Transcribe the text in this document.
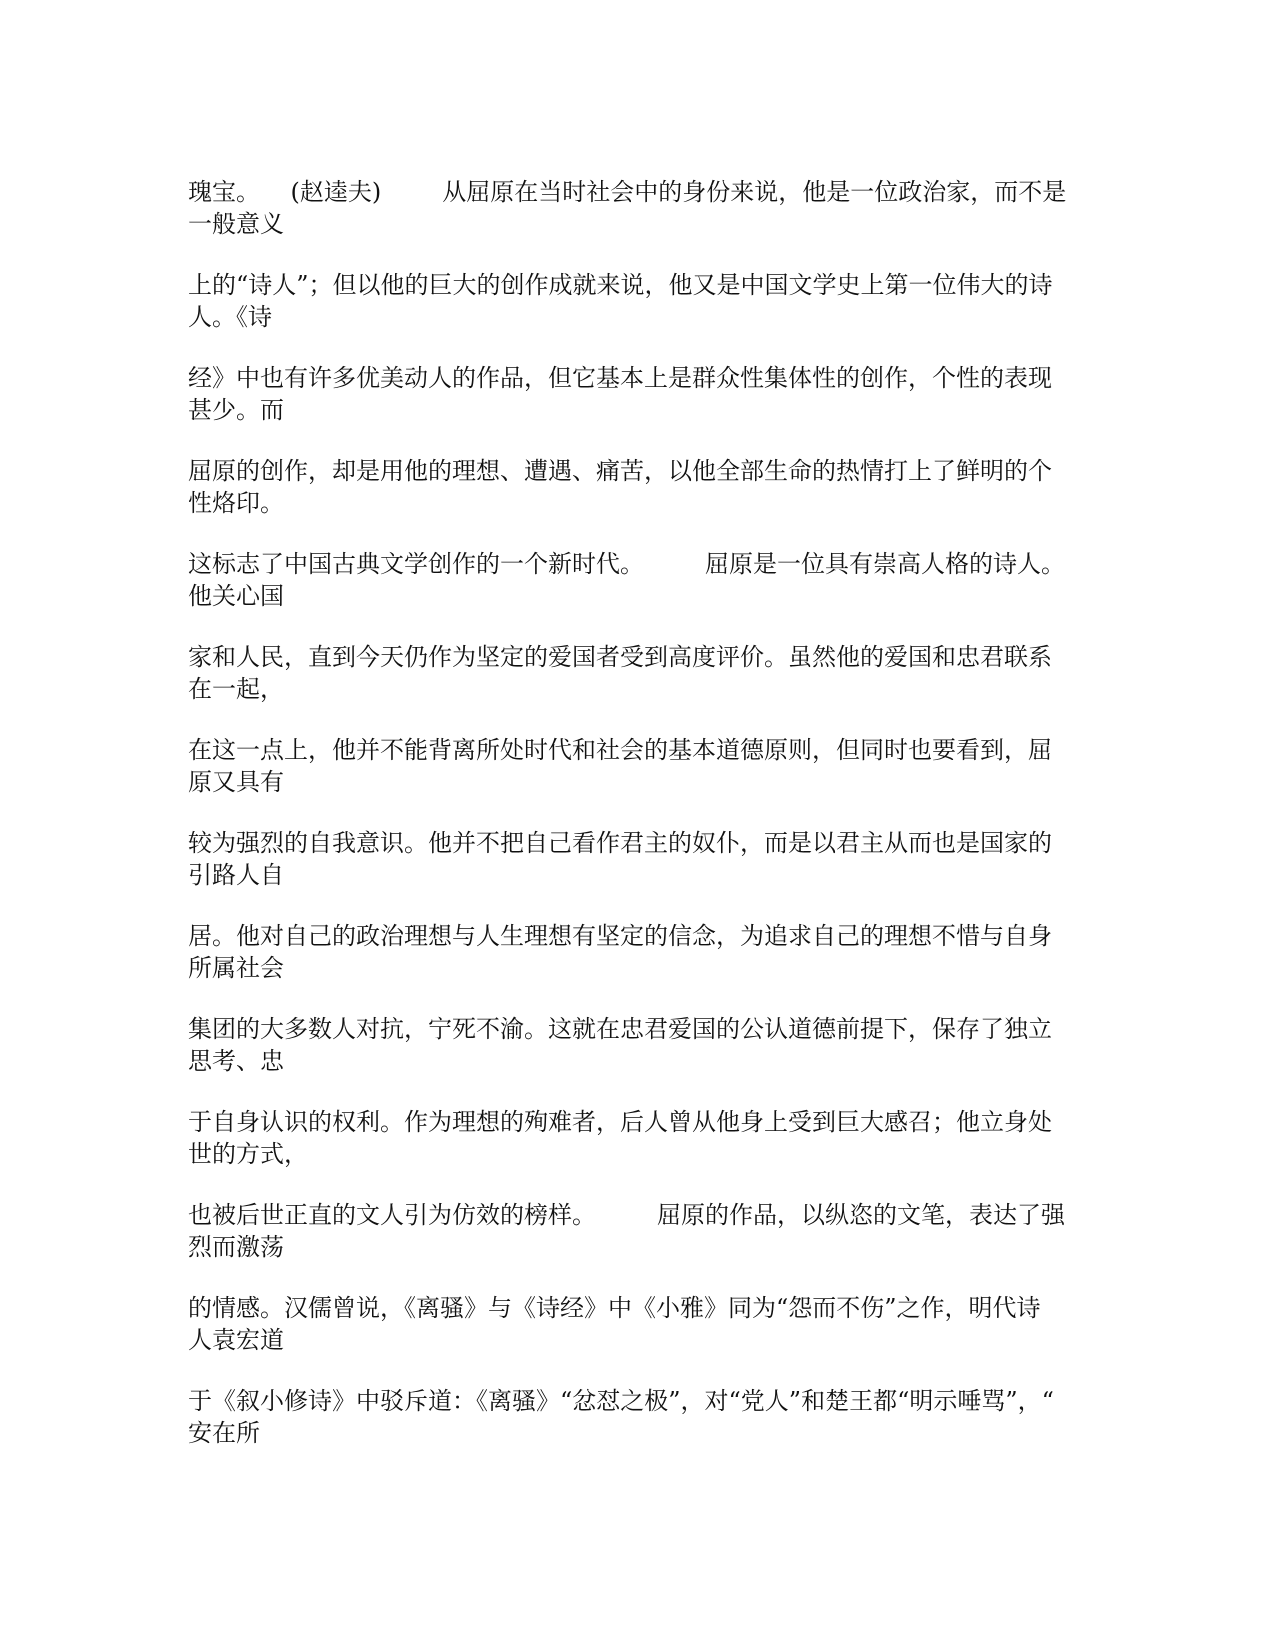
瑰宝。    (赵逵夫)        从屈原在当时社会中的身份来说，他是一位政治家，而不是
一般意义

上的“诗人”；但以他的巨大的创作成就来说，他又是中国文学史上第一位伟大的诗
人。《诗

经》中也有许多优美动人的作品，但它基本上是群众性集体性的创作，个性的表现
甚少。而

屈原的创作，却是用他的理想、遭遇、痛苦，以他全部生命的热情打上了鲜明的个
性烙印。

这标志了中国古典文学创作的一个新时代。        屈原是一位具有崇高人格的诗人。
他关心国

家和人民，直到今天仍作为坚定的爱国者受到高度评价。虽然他的爱国和忠君联系
在一起，

在这一点上，他并不能背离所处时代和社会的基本道德原则，但同时也要看到，屈
原又具有

较为强烈的自我意识。他并不把自己看作君主的奴仆，而是以君主从而也是国家的
引路人自

居。他对自己的政治理想与人生理想有坚定的信念，为追求自己的理想不惜与自身
所属社会

集团的大多数人对抗，宁死不渝。这就在忠君爱国的公认道德前提下，保存了独立
思考、忠

于自身认识的权利。作为理想的殉难者，后人曾从他身上受到巨大感召；他立身处
世的方式，

也被后世正直的文人引为仿效的榜样。        屈原的作品，以纵恣的文笔，表达了强
烈而激荡

的情感。汉儒曾说，《离骚》与《诗经》中《小雅》同为“怨而不伤”之作，明代诗
人袁宏道

于《叙小修诗》中驳斥道：《离骚》“忿怼之极”，对“党人”和楚王都“明示唾骂”，“
安在所
